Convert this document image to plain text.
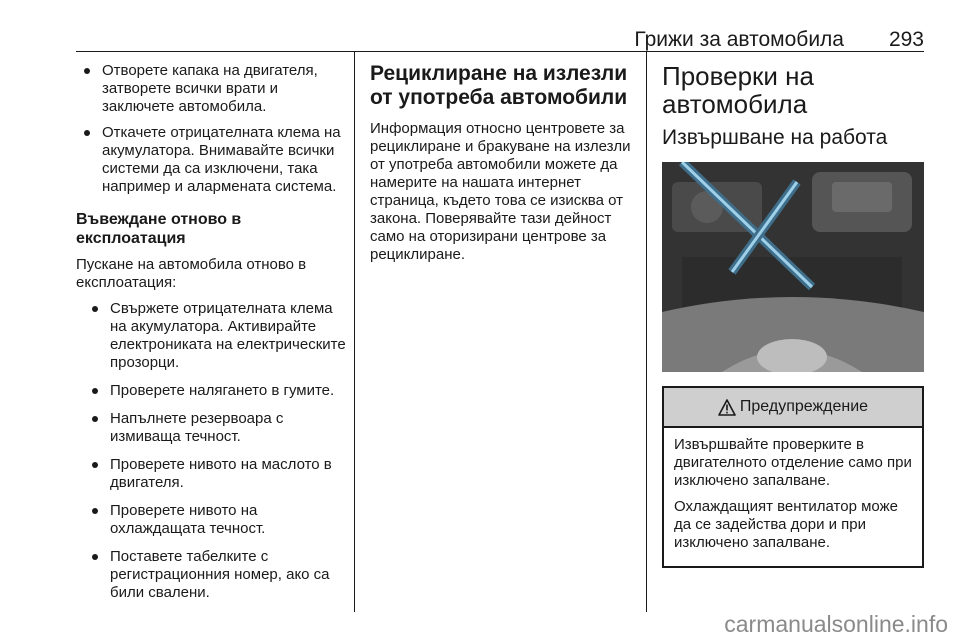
Грижи за автомобила 293
Отворете капака на двигателя, затворете всички врати и заключете автомобила.
Откачете отрицателната клема на акумулатора. Внимавайте всички системи да са изключени, така например и алармената система.
Въвеждане отново в експлоатация

Пускане на автомобила отново в експлоатация:

Свържете отрицателната клема на акумулатора. Активирайте електрониката на електрическите прозорци.
Проверете налягането в гумите.
Напълнете резервоара с измиваща течност.
Проверете нивото на маслото в двигателя.
Проверете нивото на охлаждащата течност.
Поставете табелките с регистрационния номер, ако са били свалени.
Рециклиране на излезли от употреба автомобили

Информация относно центровете за рециклиране и бракуване на излезли от употреба автомобили можете да намерите на нашата интернет страница, където това се изисква от закона. Поверявайте тази дейност само на оторизирани центрове за рециклиране.

Проверки на автомобила
Извършване на работа
Предупреждение

Извършвайте проверките в двигателното отделение само при изключено запалване.

Охлаждащият вентилатор може да се задейства дори и при изключено запалване.

carmanualsonline.info
